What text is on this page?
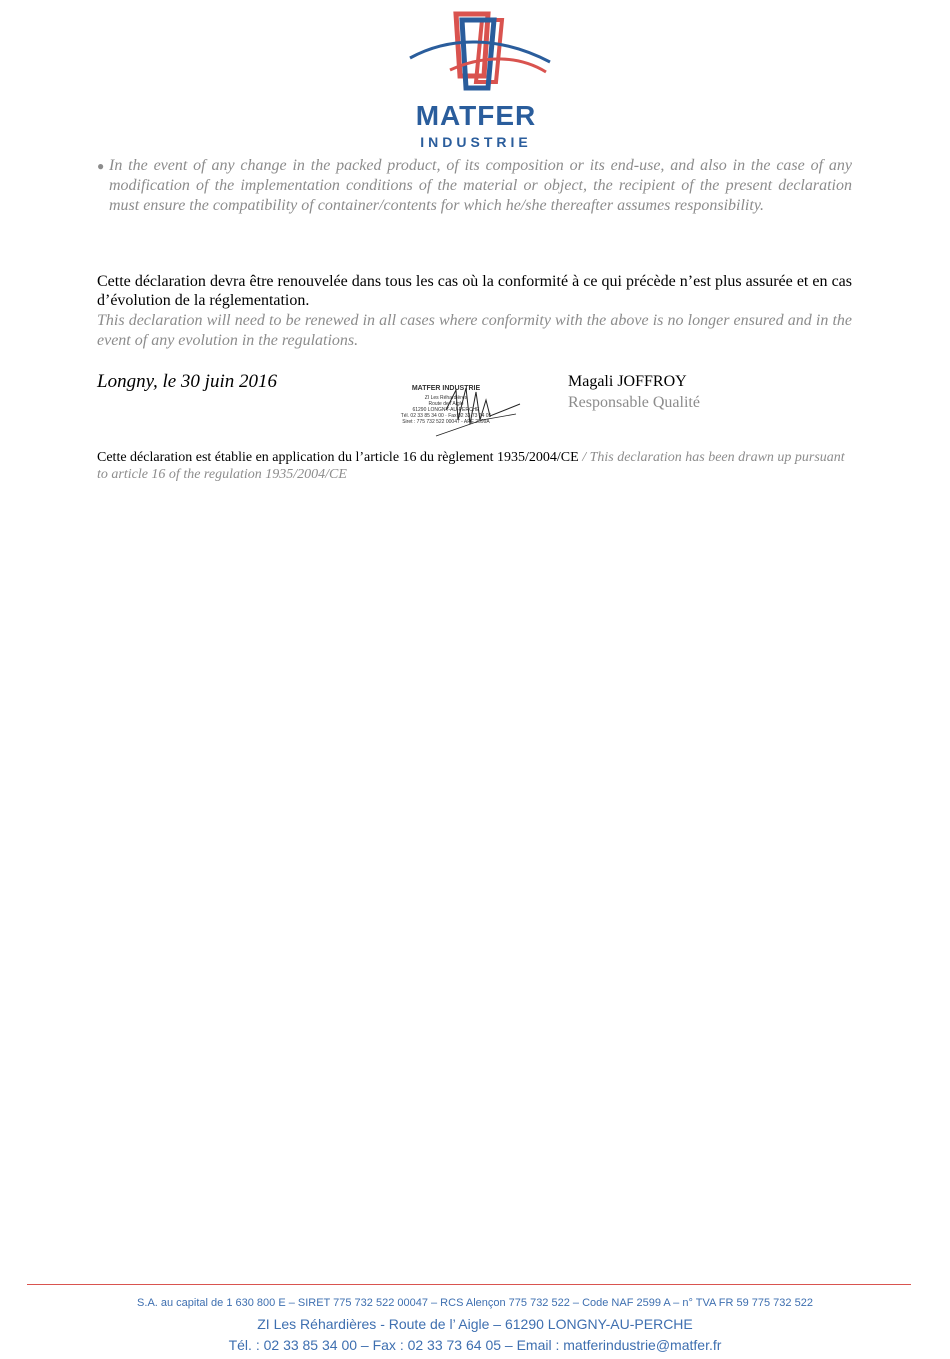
MATFER
INDUSTRIE
● In the event of any change in the packed product, of its composition or its end-use, and also in the case of any modification of the implementation conditions of the material or object, the recipient of the present declaration must ensure the compatibility of container/contents for which he/she thereafter assumes responsibility.
Cette déclaration devra être renouvelée dans tous les cas où la conformité à ce qui précède n’est plus assurée et en cas d’évolution de la réglementation.
This declaration will need to be renewed in all cases where conformity with the above is no longer ensured and in the event of any evolution in the regulations.
Longny, le 30 juin 2016	MATFER INDUSTRIE
ZI Les Réhardières
Route de l’Aigle
61290 LONGNY-AU-PERCHE
Tél. 02 33 85 34 00 · Fax 02 33 73 64 05
Siret : 775 732 522 00047 - APE 2599A
Magali JOFFROY
Responsable Qualité
Cette déclaration est établie en application du l’article 16 du règlement 1935/2004/CE / This declaration has been drawn up pursuant to article 16 of the regulation 1935/2004/CE
S.A. au capital de 1 630 800 E – SIRET 775 732 522 00047 – RCS Alençon 775 732 522 – Code NAF 2599 A – n° TVA FR 59 775 732 522
ZI Les Réhardières - Route de l’ Aigle – 61290 LONGNY-AU-PERCHE
Tél. : 02 33 85 34 00 – Fax : 02 33 73 64 05 – Email : matferindustrie@matfer.fr
